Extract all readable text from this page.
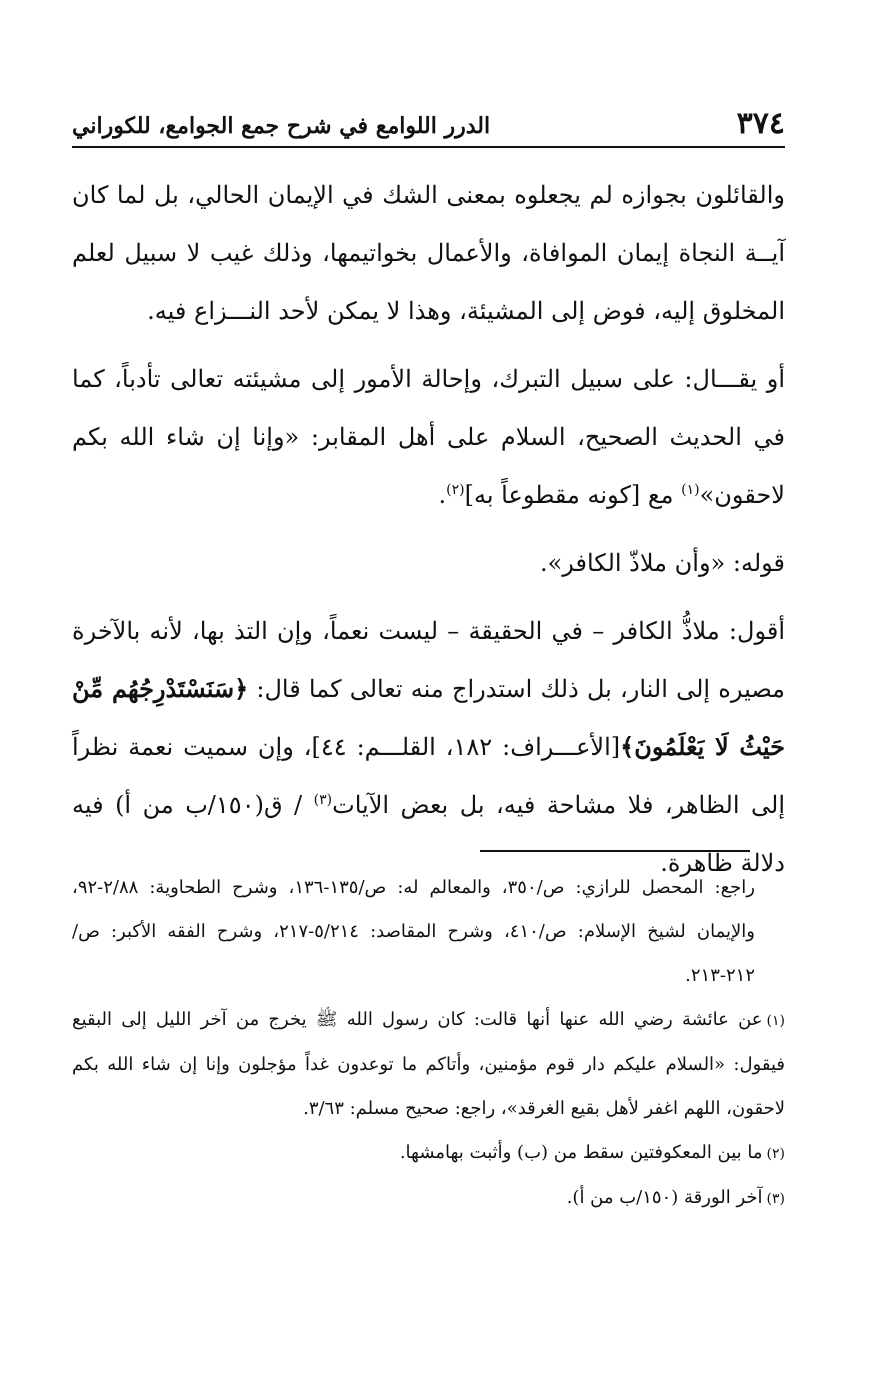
٣٧٤
الدرر اللوامع في شرح جمع الجوامع، للكوراني

والقائلون بجوازه لم يجعلوه بمعنى الشك في الإيمان الحالي، بل لما كان آيــة النجاة إيمان الموافاة، والأعمال بخواتيمها، وذلك غيب لا سبيل لعلم المخلوق إليه، فوض إلى المشيئة، وهذا لا يمكن لأحد النـــزاع فيه.

أو يقـــال: على سبيل التبرك، وإحالة الأمور إلى مشيئته تعالى تأدباً، كما في الحديث الصحيح، السلام على أهل المقابر: «وإنا إن شاء الله بكم لاحقون»$^{(١)}$ مع [كونه مقطوعاً به]$^{(٢)}$.

قوله: «وأن ملاذّ الكافر».

أقول: ملاذُّ الكافر – في الحقيقة – ليست نعماً، وإن التذ بها، لأنه بالآخرة مصيره إلى النار، بل ذلك استدراج منه تعالى كما قال: ﴿سَنَسْتَدْرِجُهُم مِّنْ حَيْثُ لَا يَعْلَمُونَ﴾[الأعـــراف: ١٨٢، القلـــم: ٤٤]، وإن سميت نعمة نظراً إلى الظاهر، فلا مشاحة فيه، بل بعض الآيات$^{(٣)}$ / ق(١٥٠/ب من أ) فيه دلالة ظاهرة.

راجع: المحصل للرازي: ص/٣٥٠، والمعالم له: ص/١٣٥-١٣٦، وشرح الطحاوية: ٢/٨٨-٩٢، والإيمان لشيخ الإسلام: ص/٤١٠، وشرح المقاصد: ٥/٢١٤-٢١٧، وشرح الفقه الأكبر: ص/٢١٢-٢١٣.

(١)عن عائشة رضي الله عنها أنها قالت: كان رسول الله ﷺ يخرج من آخر الليل إلى البقيع فيقول: «السلام عليكم دار قوم مؤمنين، وأتاكم ما توعدون غداً مؤجلون وإنا إن شاء الله بكم لاحقون، اللهم اغفر لأهل بقيع الغرقد»، راجع: صحيح مسلم: ٣/٦٣.

(٢)ما بين المعكوفتين سقط من (ب) وأثبت بهامشها.

(٣)آخر الورقة (١٥٠/ب من أ).
